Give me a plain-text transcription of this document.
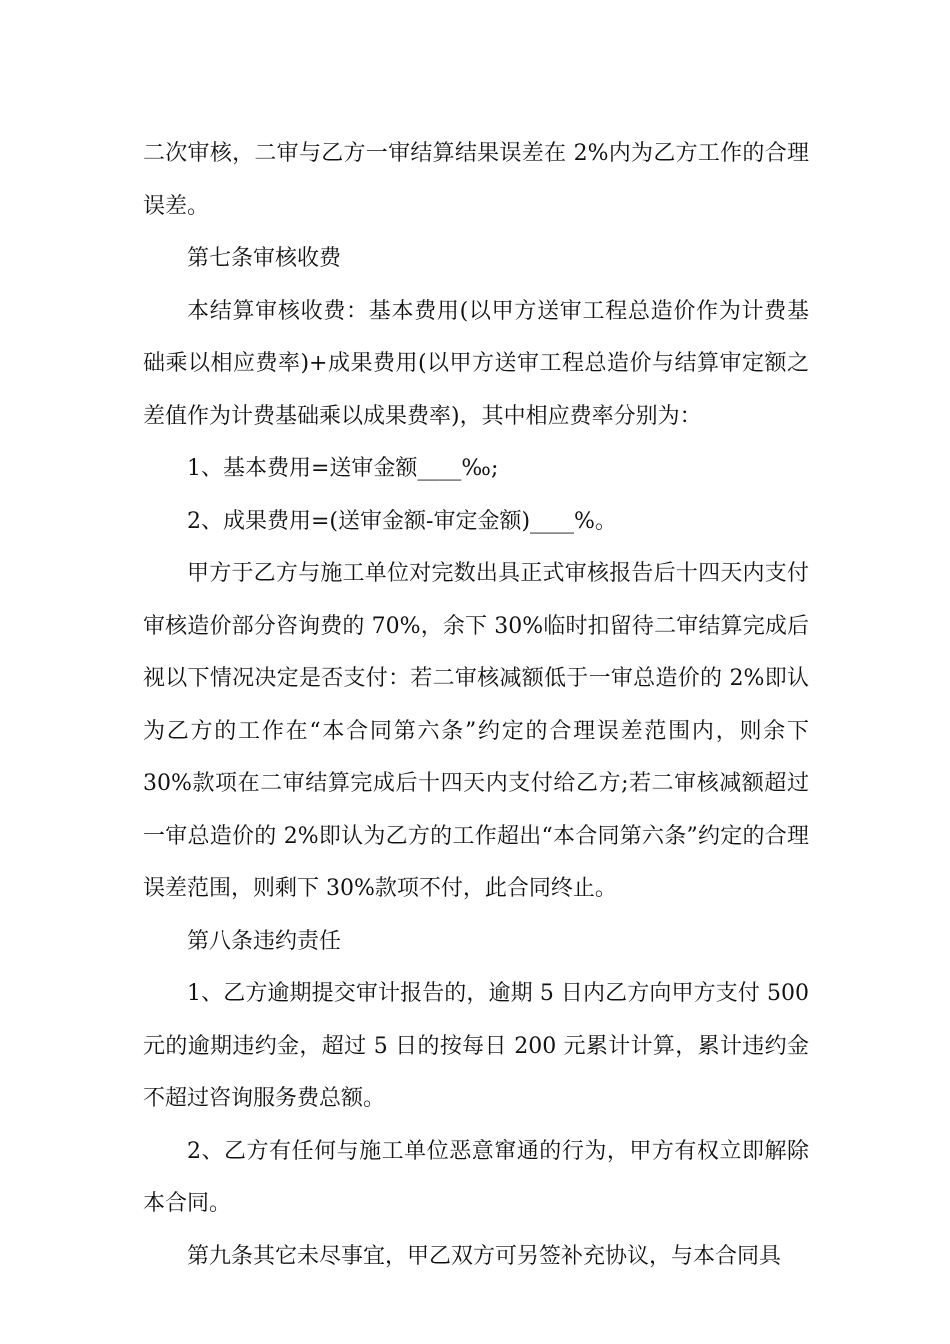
二次审核，二审与乙方一审结算结果误差在 2%内为乙方工作的合理误差。

第七条审核收费

本结算审核收费：基本费用(以甲方送审工程总造价作为计费基础乘以相应费率)+成果费用(以甲方送审工程总造价与结算审定额之差值作为计费基础乘以成果费率)，其中相应费率分别为：

1、基本费用=送审金额____‰;

2、成果费用=(送审金额-审定金额)____%。

甲方于乙方与施工单位对完数出具正式审核报告后十四天内支付审核造价部分咨询费的 70%，余下 30%临时扣留待二审结算完成后视以下情况决定是否支付：若二审核减额低于一审总造价的 2%即认为乙方的工作在“本合同第六条”约定的合理误差范围内，则余下 30%款项在二审结算完成后十四天内支付给乙方;若二审核减额超过一审总造价的 2%即认为乙方的工作超出“本合同第六条”约定的合理误差范围，则剩下 30%款项不付，此合同终止。

第八条违约责任

1、乙方逾期提交审计报告的，逾期 5 日内乙方向甲方支付 500 元的逾期违约金，超过 5 日的按每日 200 元累计计算，累计违约金不超过咨询服务费总额。

2、乙方有任何与施工单位恶意窜通的行为，甲方有权立即解除本合同。

第九条其它未尽事宜，甲乙双方可另签补充协议，与本合同具
